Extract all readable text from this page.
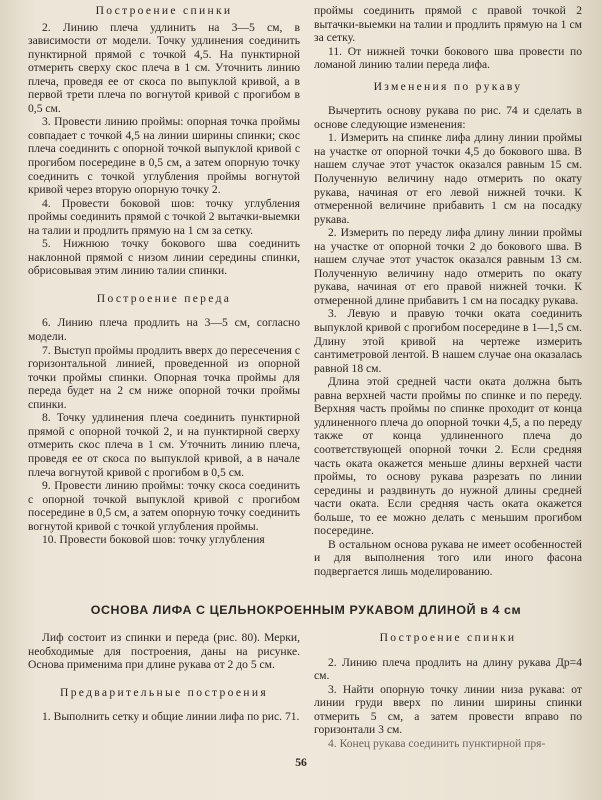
Построение спинки

2. Линию плеча удлинить на 3—5 см, в зависимости от модели. Точку удлинения соединить пунктирной прямой с точкой 4,5. На пунктирной отмерить сверху скос плеча в 1 см. Уточнить линию плеча, проведя ее от скоса по выпуклой кривой, а в первой трети плеча по вогнутой кривой с прогибом в 0,5 см.

3. Провести линию проймы: опорная точка проймы совпадает с точкой 4,5 на линии ширины спинки; скос плеча соединить с опорной точкой выпуклой кривой с прогибом посередине в 0,5 см, а затем опорную точку соединить с точкой углубления проймы вогнутой кривой через вторую опорную точку 2.

4. Провести боковой шов: точку углубления проймы соединить прямой с точкой 2 вытачки-выемки на талии и продлить прямую на 1 см за сетку.

5. Нижнюю точку бокового шва соединить наклонной прямой с низом линии середины спинки, обрисовывая этим линию талии спинки.

Построение переда

6. Линию плеча продлить на 3—5 см, согласно модели.

7. Выступ проймы продлить вверх до пересечения с горизонтальной линией, проведенной из опорной точки проймы спинки. Опорная точка проймы для переда будет на 2 см ниже опорной точки проймы спинки.

8. Точку удлинения плеча соединить пунктирной прямой с опорной точкой 2, и на пунктирной сверху отмерить скос плеча в 1 см. Уточнить линию плеча, проведя ее от скоса по выпуклой кривой, а в начале плеча вогнутой кривой с прогибом в 0,5 см.

9. Провести линию проймы: точку скоса соединить с опорной точкой выпуклой кривой с прогибом посередине в 0,5 см, а затем опорную точку соединить вогнутой кривой с точкой углубления проймы.

10. Провести боковой шов: точку углубления

проймы соединить прямой с правой точкой 2 вытачки-выемки на талии и продлить прямую на 1 см за сетку.

11. От нижней точки бокового шва провести по ломаной линию талии переда лифа.

Изменения по рукаву

Вычертить основу рукава по рис. 74 и сделать в основе следующие изменения:

1. Измерить на спинке лифа длину линии проймы на участке от опорной точки 4,5 до бокового шва. В нашем случае этот участок оказался равным 15 см. Полученную величину надо отмерить по окату рукава, начиная от его левой нижней точки. К отмеренной величине прибавить 1 см на посадку рукава.

2. Измерить по переду лифа длину линии проймы на участке от опорной точки 2 до бокового шва. В нашем случае этот участок оказался равным 13 см. Полученную величину надо отмерить по окату рукава, начиная от его правой нижней точки. К отмеренной длине прибавить 1 см на посадку рукава.

3. Левую и правую точки оката соединить выпуклой кривой с прогибом посередине в 1—1,5 см. Длину этой кривой на чертеже измерить сантиметровой лентой. В нашем случае она оказалась равной 18 см.

Длина этой средней части оката должна быть равна верхней части проймы по спинке и по переду. Верхняя часть проймы по спинке проходит от конца удлиненного плеча до опорной точки 4,5, а по переду также от конца удлиненного плеча до соответствующей опорной точки 2. Если средняя часть оката окажется меньше длины верхней части проймы, то основу рукава разрезать по линии середины и раздвинуть до нужной длины средней части оката. Если средняя часть оката окажется больше, то ее можно делать с меньшим прогибом посередине.

В остальном основа рукава не имеет особенностей и для выполнения того или иного фасона подвергается лишь моделированию.

ОСНОВА ЛИФА С ЦЕЛЬНОКРОЕННЫМ РУКАВОМ ДЛИНОЙ в 4 см

Лиф состоит из спинки и переда (рис. 80). Мерки, необходимые для построения, даны на рисунке. Основа применима при длине рукава от 2 до 5 см.

Предварительные построения

1. Выполнить сетку и общие линии лифа по рис. 71.

Построение спинки

2. Линию плеча продлить на длину рукава Др=4 см.

3. Найти опорную точку линии низа рукава: от линии груди вверх по линии ширины спинки отмерить 5 см, а затем провести вправо по горизонтали 3 см.

4. Конец рукава соединить пунктирной пря-

56
